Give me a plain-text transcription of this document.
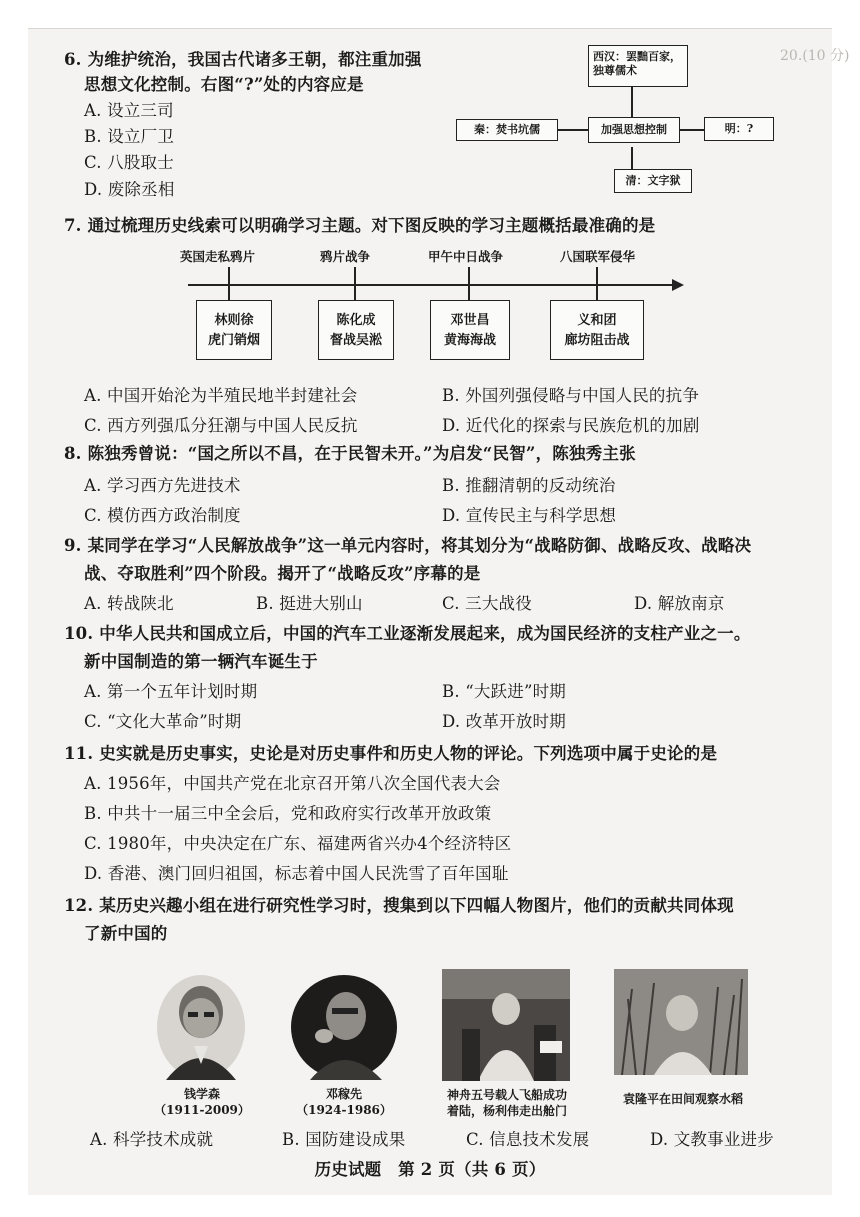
20.(10 分)
6. 为维护统治，我国古代诸多王朝，都注重加强
思想文化控制。右图“?”处的内容应是
A. 设立三司
B. 设立厂卫
C. 八股取士
D. 废除丞相
西汉：罢黜百家，独尊儒术
秦：焚书坑儒	加强思想控制	明：?
清：文字狱
7. 通过梳理历史线索可以明确学习主题。对下图反映的学习主题概括最准确的是
英国走私鸦片	鸦片战争	甲午中日战争	八国联军侵华
林则徐
虎门销烟
陈化成
督战吴淞
邓世昌
黄海海战
义和团
廊坊阻击战
A. 中国开始沦为半殖民地半封建社会	B. 外国列强侵略与中国人民的抗争
C. 西方列强瓜分狂潮与中国人民反抗	D. 近代化的探索与民族危机的加剧
8. 陈独秀曾说：“国之所以不昌，在于民智未开。”为启发“民智”，陈独秀主张
A. 学习西方先进技术	B. 推翻清朝的反动统治
C. 模仿西方政治制度	D. 宣传民主与科学思想
9. 某同学在学习“人民解放战争”这一单元内容时，将其划分为“战略防御、战略反攻、战略决
战、夺取胜利”四个阶段。揭开了“战略反攻”序幕的是
A. 转战陕北	B. 挺进大别山	C. 三大战役	D. 解放南京
10. 中华人民共和国成立后，中国的汽车工业逐渐发展起来，成为国民经济的支柱产业之一。
新中国制造的第一辆汽车诞生于
A. 第一个五年计划时期	B. “大跃进”时期
C. “文化大革命”时期	D. 改革开放时期
11. 史实就是历史事实，史论是对历史事件和历史人物的评论。下列选项中属于史论的是
A. 1956年，中国共产党在北京召开第八次全国代表大会
B. 中共十一届三中全会后，党和政府实行改革开放政策
C. 1980年，中央决定在广东、福建两省兴办4个经济特区
D. 香港、澳门回归祖国，标志着中国人民洗雪了百年国耻
12. 某历史兴趣小组在进行研究性学习时，搜集到以下四幅人物图片，他们的贡献共同体现
了新中国的
钱学森
（1911-2009）
邓稼先
（1924-1986）
神舟五号载人飞船成功
着陆，杨利伟走出舱门
袁隆平在田间观察水稻
A. 科学技术成就	B. 国防建设成果	C. 信息技术发展	D. 文教事业进步
历史试题　第 2 页（共 6 页）
